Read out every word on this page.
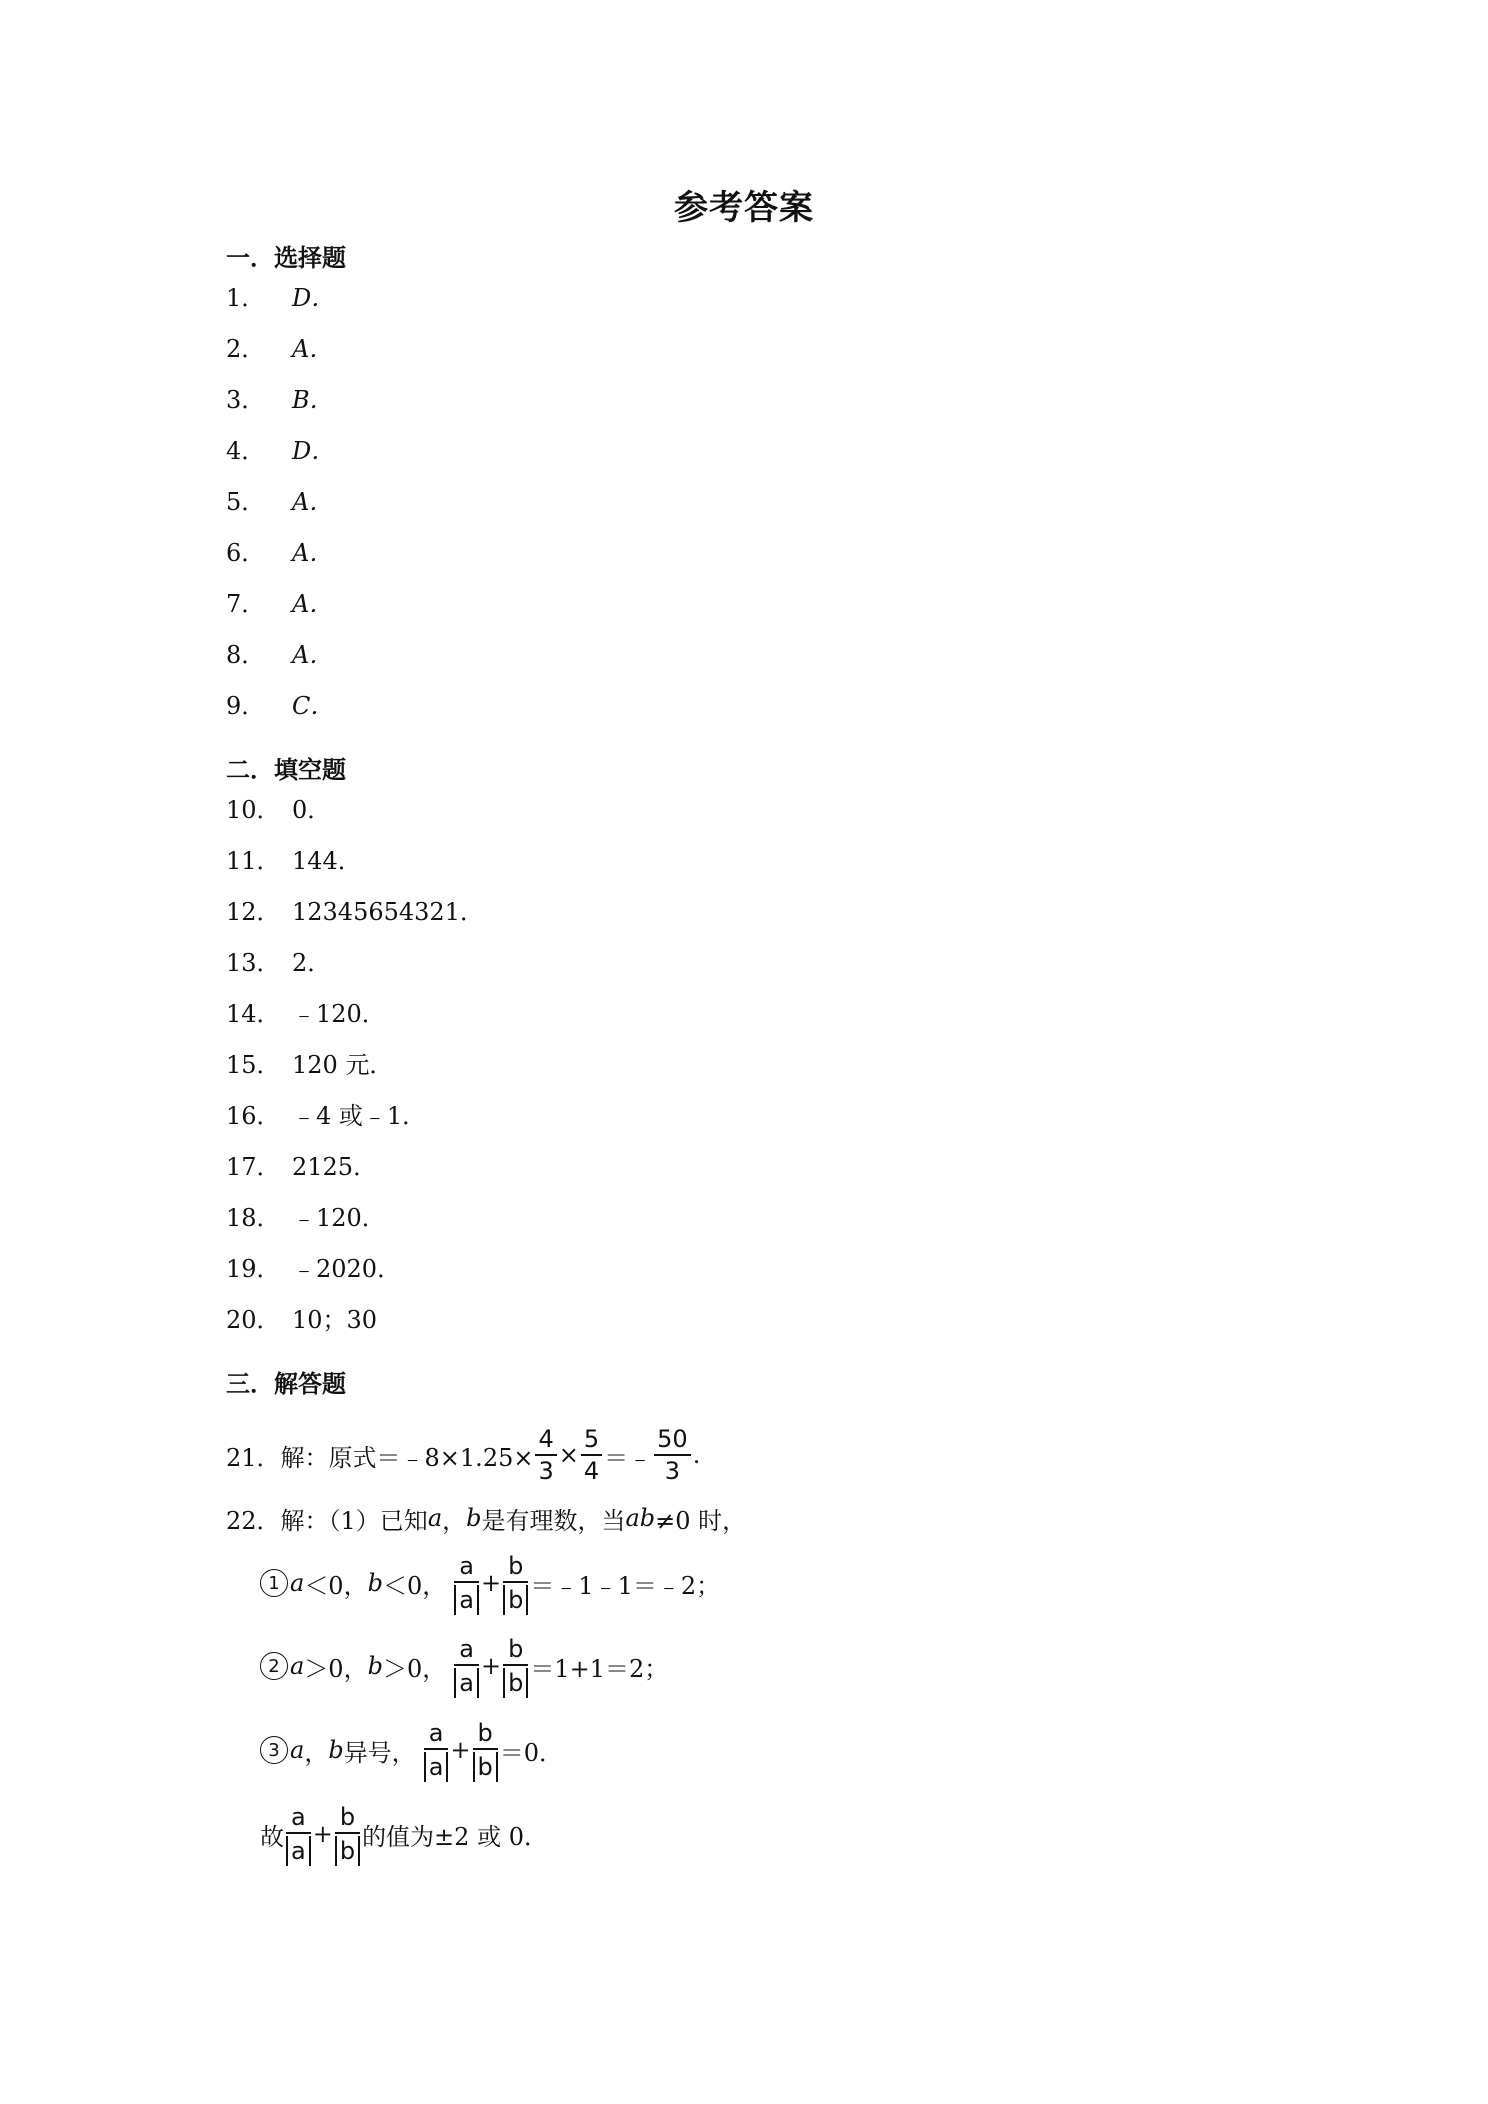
参考答案
一．选择题
1． D．
2． A．
3． B．
4． D．
5． A．
6． A．
7． A．
8． A．
9． C．
二．填空题
10． 0．
11． 144．
12． 12345654321．
13． 2．
14． ﹣120．
15． 120 元．
16． ﹣4 或﹣1．
17． 2125．
18． ﹣120．
19． ﹣2020．
20． 10；30
三．解答题
21．解：原式＝﹣8×1.25× $\frac{4}{3} \times \frac{5}{4}$ ＝﹣ $\frac{50}{3}$ .
22．解：（1）已知 a ， b 是有理数，当 ab ≠0 时，
1 a ＜0， b ＜0， $\frac{a}{a} + \frac{b}{b}$ ＝﹣1﹣1＝﹣2；
2 a ＞0， b ＞0， $\frac{a}{a} + \frac{b}{b} =1+1=2$；
3 a ， b 异号， $\frac{a}{a} + \frac{b}{b} =0$．
故 $\frac{a}{a} + \frac{b}{b}$ 的值为±2 或 0．
